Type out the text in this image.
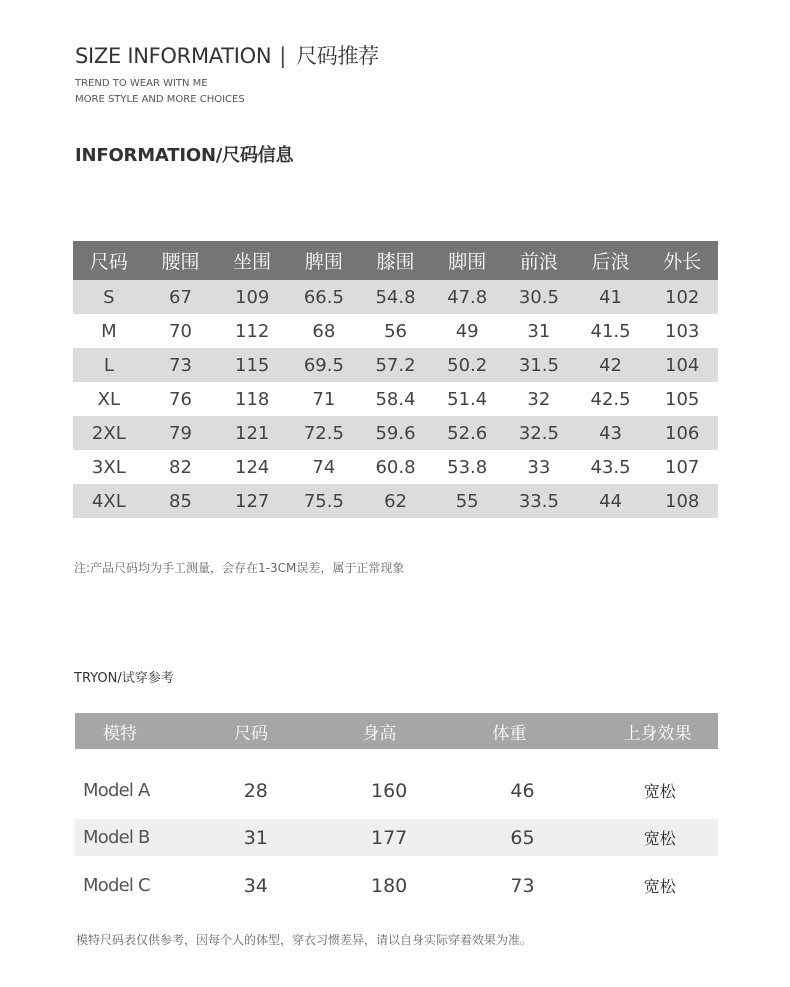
SIZE INFORMATION | 尺码推荐
TREND TO WEAR WITN ME
MORE STYLE AND MORE CHOICES
INFORMATION/尺码信息
尺码	腰围	坐围	脾围	膝围	脚围	前浪	后浪	外长
S	67	109	66.5	54.8	47.8	30.5	41	102
M	70	112	68	56	49	31	41.5	103
L	73	115	69.5	57.2	50.2	31.5	42	104
XL	76	118	71	58.4	51.4	32	42.5	105
2XL	79	121	72.5	59.6	52.6	32.5	43	106
3XL	82	124	74	60.8	53.8	33	43.5	107
4XL	85	127	75.5	62	55	33.5	44	108
注:产品尺码均为手工测量，会存在1-3CM误差，属于正常现象
TRYON/试穿参考
模特	尺码	身高	体重	上身效果
Model A	28	160	46	宽松
Model B	31	177	65	宽松
Model C	34	180	73	宽松
模特尺码表仅供参考，因每个人的体型，穿衣习惯差异，请以自身实际穿着效果为准。
